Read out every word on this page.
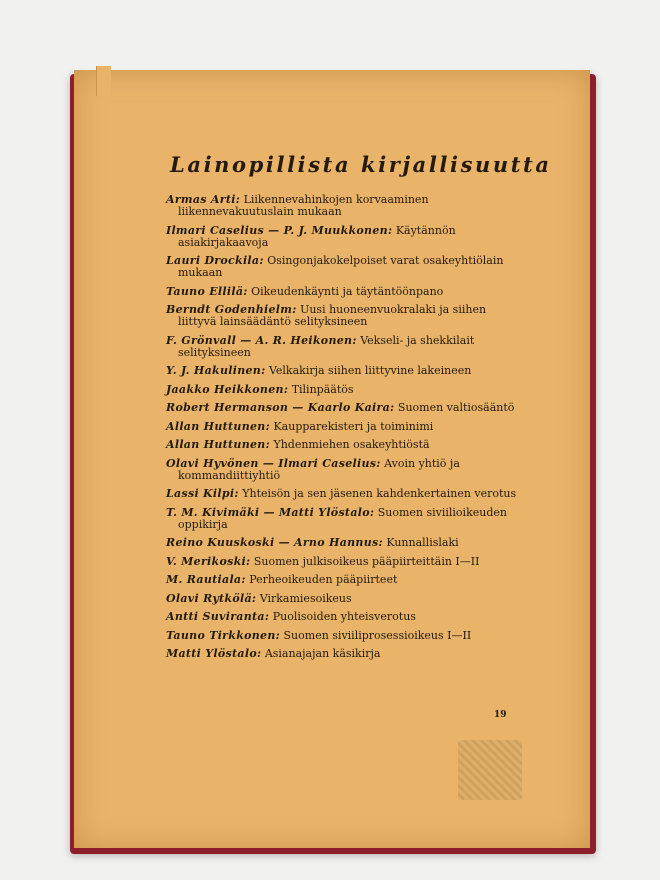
Lainopillista kirjallisuutta
Armas Arti: Liikennevahinkojen korvaaminen liikennevakuutuslain mukaan
Ilmari Caselius — P. J. Muukkonen: Käytännön asiakirjakaavoja
Lauri Drockila: Osingonjakokelpoiset varat osakeyhtiölain mukaan
Tauno Ellilä: Oikeudenkäynti ja täytäntöönpano
Berndt Godenhielm: Uusi huoneenvuokralaki ja siihen liittyvä lainsäädäntö selityksineen
F. Grönvall — A. R. Heikonen: Vekseli- ja shekkilait selityksineen
Y. J. Hakulinen: Velkakirja siihen liittyvine lakeineen
Jaakko Heikkonen: Tilinpäätös
Robert Hermanson — Kaarlo Kaira: Suomen valtiosääntö
Allan Huttunen: Kaupparekisteri ja toiminimi
Allan Huttunen: Yhdenmiehen osakeyhtiöstä
Olavi Hyvönen — Ilmari Caselius: Avoin yhtiö ja kommandiittiyhtiö
Lassi Kilpi: Yhteisön ja sen jäsenen kahdenkertainen verotus
T. M. Kivimäki — Matti Ylöstalo: Suomen siviilioikeuden oppikirja
Reino Kuuskoski — Arno Hannus: Kunnallislaki
V. Merikoski: Suomen julkisoikeus pääpiirteittäin I—II
M. Rautiala: Perheoikeuden pääpiirteet
Olavi Rytkölä: Virkamiesoikeus
Antti Suviranta: Puolisoiden yhteisverotus
Tauno Tirkkonen: Suomen siviiliprosessioikeus I—II
Matti Ylöstalo: Asianajajan käsikirja
19
